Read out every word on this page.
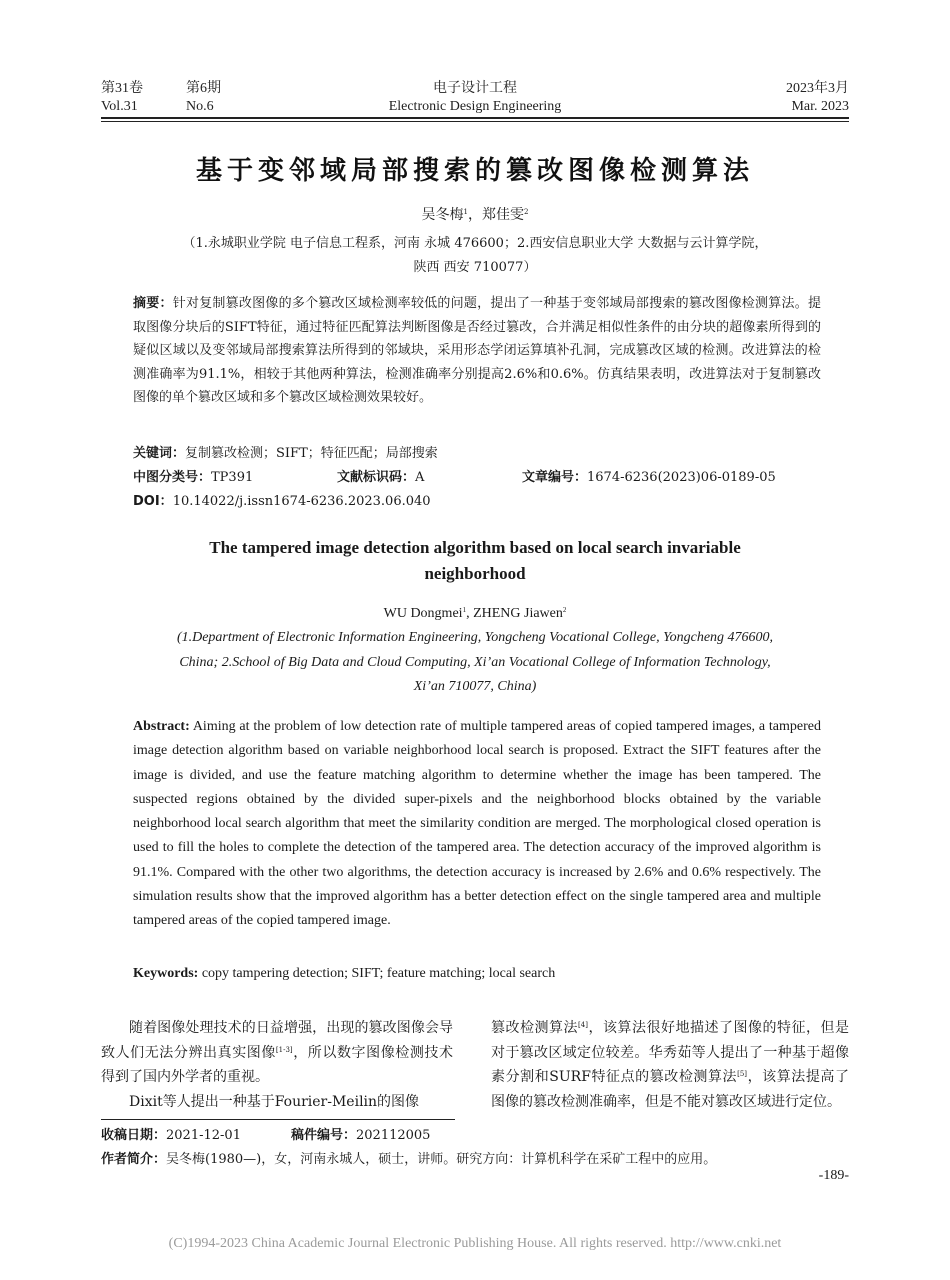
第31卷	第6期	电子设计工程	2023年3月
Vol.31	No.6	Electronic Design Engineering	Mar. 2023
基于变邻域局部搜索的篡改图像检测算法
吴冬梅$^1$，郑佳雯$^2$
（1.永城职业学院 电子信息工程系，河南 永城 476600；2.西安信息职业大学 大数据与云计算学院，
陕西 西安 710077）
摘要：针对复制篡改图像的多个篡改区域检测率较低的问题，提出了一种基于变邻域局部搜索的篡改图像检测算法。提取图像分块后的SIFT特征，通过特征匹配算法判断图像是否经过篡改，合并满足相似性条件的由分块的超像素所得到的疑似区域以及变邻域局部搜索算法所得到的邻域块，采用形态学闭运算填补孔洞，完成篡改区域的检测。改进算法的检测准确率为91.1%，相较于其他两种算法，检测准确率分别提高2.6%和0.6%。仿真结果表明，改进算法对于复制篡改图像的单个篡改区域和多个篡改区域检测效果较好。
关键词：复制篡改检测；SIFT；特征匹配；局部搜索
中图分类号：TP391	文献标识码：A	文章编号：1674-6236(2023)06-0189-05
DOI：10.14022/j.issn1674-6236.2023.06.040
The tampered image detection algorithm based on local search invariable
neighborhood
WU Dongmei$^1$, ZHENG Jiawen$^2$
(1.Department of Electronic Information Engineering, Yongcheng Vocational College, Yongcheng 476600,
China; 2.School of Big Data and Cloud Computing, Xi’an Vocational College of Information Technology,
Xi’an 710077, China)
Abstract: Aiming at the problem of low detection rate of multiple tampered areas of copied tampered images, a tampered image detection algorithm based on variable neighborhood local search is proposed. Extract the SIFT features after the image is divided, and use the feature matching algorithm to determine whether the image has been tampered. The suspected regions obtained by the divided super-pixels and the neighborhood blocks obtained by the variable neighborhood local search algorithm that meet the similarity condition are merged. The morphological closed operation is used to fill the holes to complete the detection of the tampered area. The detection accuracy of the improved algorithm is 91.1%. Compared with the other two algorithms, the detection accuracy is increased by 2.6% and 0.6% respectively. The simulation results show that the improved algorithm has a better detection effect on the single tampered area and multiple tampered areas of the copied tampered image.
Keywords: copy tampering detection; SIFT; feature matching; local search

随着图像处理技术的日益增强，出现的篡改图像会导致人们无法分辨出真实图像[1-3]，所以数字图像检测技术得到了国内外学者的重视。

Dixit等人提出一种基于Fourier-Meilin的图像

篡改检测算法[4]，该算法很好地描述了图像的特征，但是对于篡改区域定位较差。华秀茹等人提出了一种基于超像素分割和SURF特征点的篡改检测算法[5]，该算法提高了图像的篡改检测准确率，但是不能对篡改区域进行定位。

收稿日期：2021-12-01	稿件编号：202112005
作者简介：吴冬梅(1980—)，女，河南永城人，硕士，讲师。研究方向：计算机科学在采矿工程中的应用。
-189-
(C)1994-2023 China Academic Journal Electronic Publishing House. All rights reserved. http://www.cnki.net
